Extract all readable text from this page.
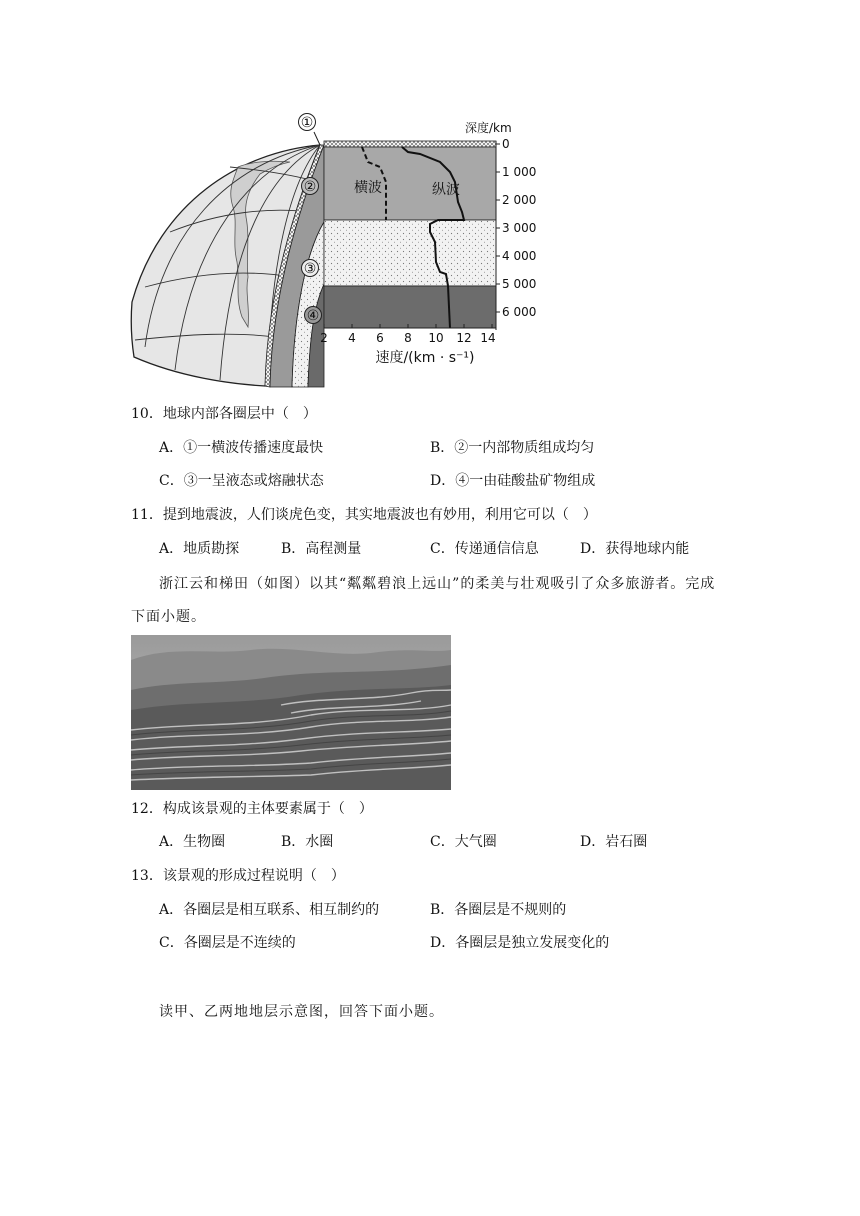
①
②
③
④
横波	纵波
深度/km
0
1 000
2 000
3 000
4 000
5 000
6 000
2 4 6 8 10 12 14
速度/(km · s⁻¹)
10．地球内部各圈层中（　）
A．①一横波传播速度最快	B．②一内部物质组成均匀
C．③一呈液态或熔融状态	D．④一由硅酸盐矿物组成
11．提到地震波，人们谈虎色变，其实地震波也有妙用，利用它可以（　）
A．地质勘探	B．高程测量	C．传递通信信息	D．获得地球内能
浙江云和梯田（如图）以其“粼粼碧浪上远山”的柔美与壮观吸引了众多旅游者。完成
下面小题。
12．构成该景观的主体要素属于（　）
A．生物圈	B．水圈	C．大气圈	D．岩石圈
13．该景观的形成过程说明（　）
A．各圈层是相互联系、相互制约的	B．各圈层是不规则的
C．各圈层是不连续的	D．各圈层是独立发展变化的
读甲、乙两地地层示意图，回答下面小题。
